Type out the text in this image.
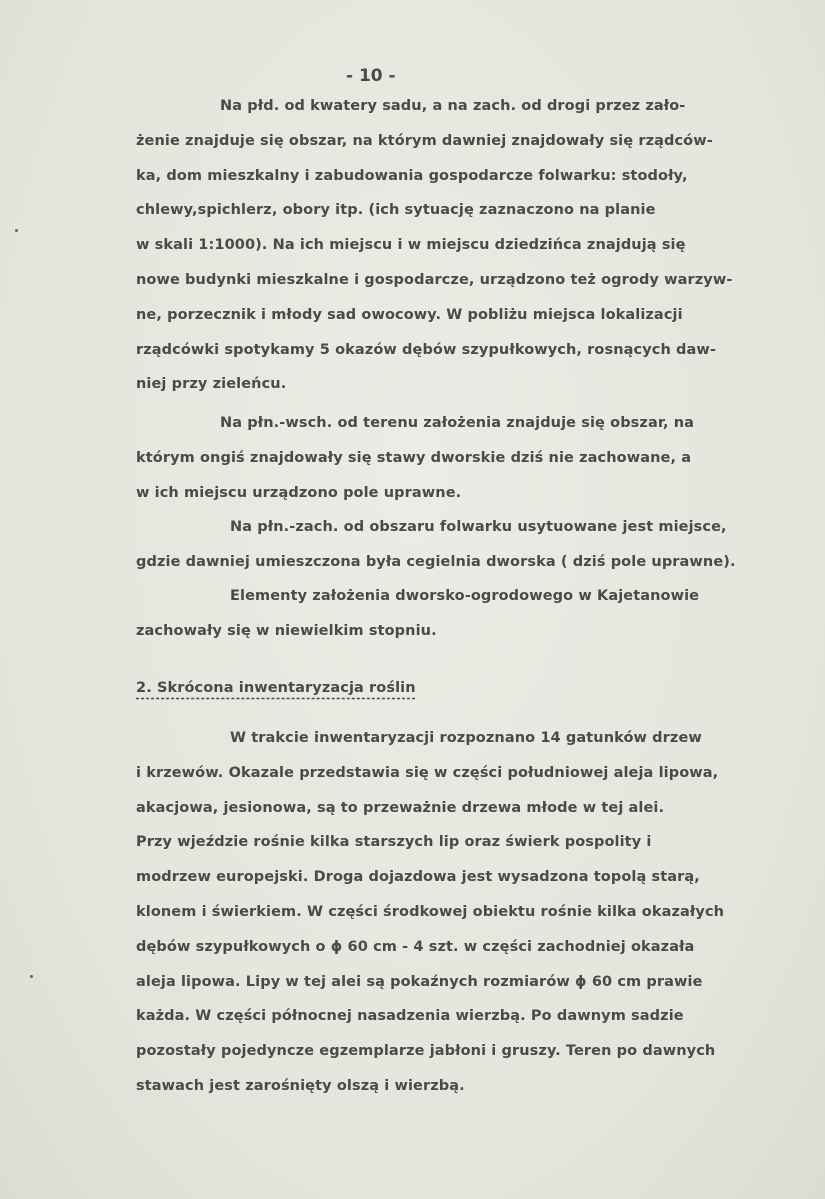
- 10 -
Na płd. od kwatery sadu, a na zach. od drogi przez zało-
żenie znajduje się obszar, na którym dawniej znajdowały się rządców-
ka, dom mieszkalny i zabudowania gospodarcze folwarku: stodoły,
chlewy,spichlerz, obory itp. (ich sytuację zaznaczono na planie
w skali 1:1000). Na ich miejscu i w miejscu dziedzińca znajdują się
nowe budynki mieszkalne i gospodarcze, urządzono też ogrody warzyw-
ne, porzecznik i młody sad owocowy. W pobliżu miejsca lokalizacji
rządcówki spotykamy 5 okazów dębów szypułkowych, rosnących daw-
niej przy zieleńcu.
Na płn.-wsch. od terenu założenia znajduje się obszar, na
którym ongiś znajdowały się stawy dworskie dziś nie zachowane, a
w ich miejscu urządzono pole uprawne.
Na płn.-zach. od obszaru folwarku usytuowane jest miejsce,
gdzie dawniej umieszczona była cegielnia dworska ( dziś pole uprawne).
Elementy założenia dworsko-ogrodowego w Kajetanowie
zachowały się w niewielkim stopniu.
W trakcie inwentaryzacji rozpoznano 14 gatunków drzew
i krzewów. Okazale przedstawia się w części południowej aleja lipowa,
akacjowa, jesionowa, są to przeważnie drzewa młode w tej alei.
Przy wjeździe rośnie kilka starszych lip oraz świerk pospolity i
modrzew europejski. Droga dojazdowa jest wysadzona topolą starą,
klonem i świerkiem. W części środkowej obiektu rośnie kilka okazałych
dębów szypułkowych o ϕ 60 cm - 4 szt. w części zachodniej okazała
aleja lipowa. Lipy w tej alei są pokaźnych rozmiarów ϕ 60 cm prawie
każda. W części północnej nasadzenia wierzbą. Po dawnym sadzie
pozostały pojedyncze egzemplarze jabłoni i gruszy. Teren po dawnych
stawach jest zarośnięty olszą i wierzbą.
2. Skrócona inwentaryzacja roślin
